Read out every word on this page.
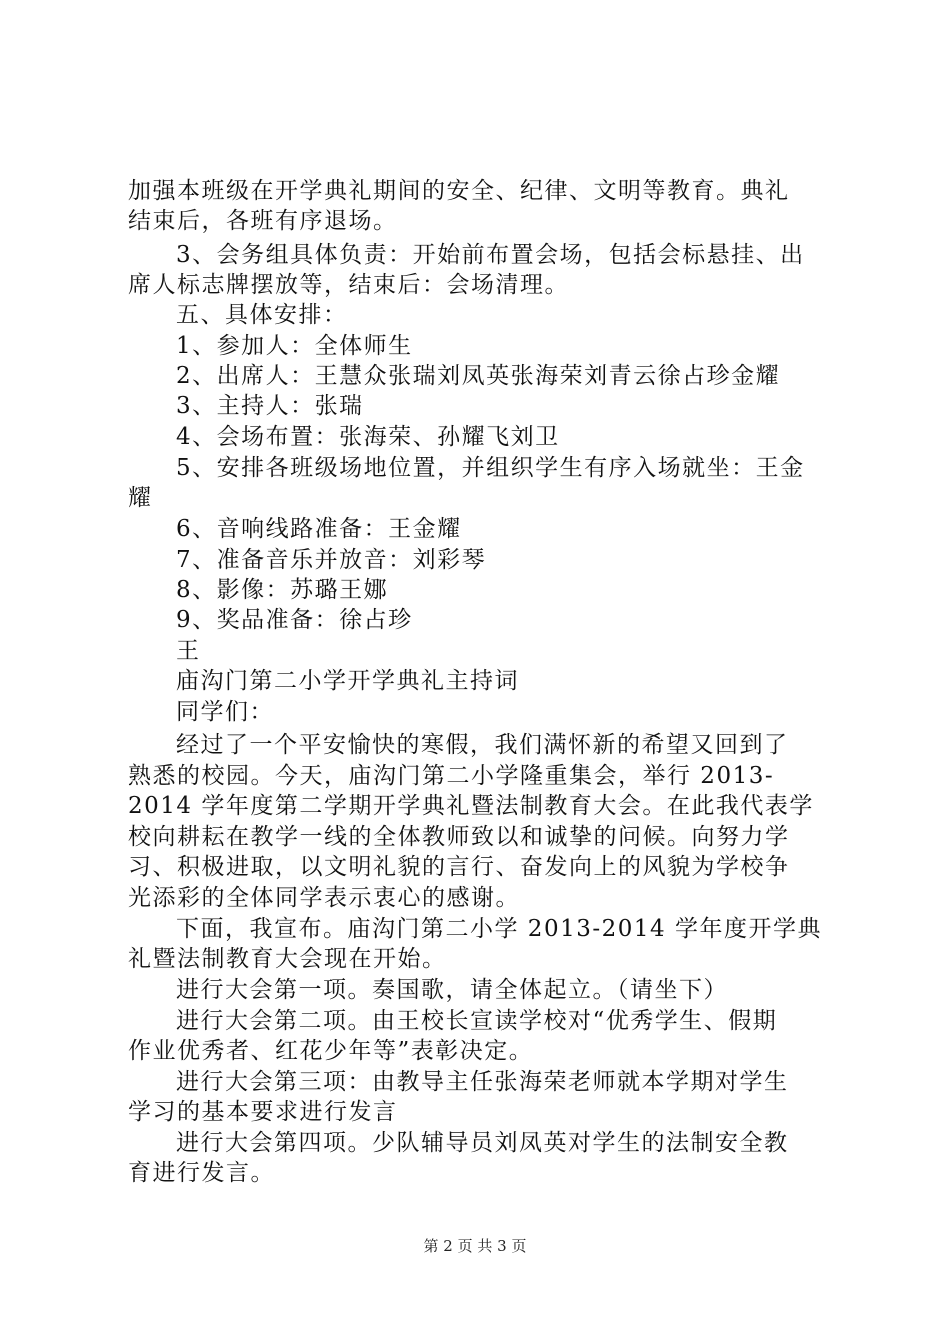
加强本班级在开学典礼期间的安全、纪律、文明等教育。典礼
结束后，各班有序退场。
3、会务组具体负责：开始前布置会场，包括会标悬挂、出
席人标志牌摆放等，结束后：会场清理。
五、具体安排：
1、参加人：全体师生
2、出席人：王慧众张瑞刘凤英张海荣刘青云徐占珍金耀
3、主持人：张瑞
4、会场布置：张海荣、孙耀飞刘卫
5、安排各班级场地位置，并组织学生有序入场就坐：王金
耀
6、音响线路准备：王金耀
7、准备音乐并放音：刘彩琴
8、影像：苏璐王娜
9、奖品准备：徐占珍
王
庙沟门第二小学开学典礼主持词
同学们：
经过了一个平安愉快的寒假，我们满怀新的希望又回到了
熟悉的校园。今天，庙沟门第二小学隆重集会，举行 2013-
2014 学年度第二学期开学典礼暨法制教育大会。在此我代表学
校向耕耘在教学一线的全体教师致以和诚挚的问候。向努力学
习、积极进取，以文明礼貌的言行、奋发向上的风貌为学校争
光添彩的全体同学表示衷心的感谢。
下面，我宣布。庙沟门第二小学 2013-2014 学年度开学典
礼暨法制教育大会现在开始。
进行大会第一项。奏国歌，请全体起立。（请坐下）
进行大会第二项。由王校长宣读学校对“优秀学生、假期
作业优秀者、红花少年等”表彰决定。
进行大会第三项：由教导主任张海荣老师就本学期对学生
学习的基本要求进行发言
进行大会第四项。少队辅导员刘凤英对学生的法制安全教
育进行发言。
第 2 页 共 3 页
